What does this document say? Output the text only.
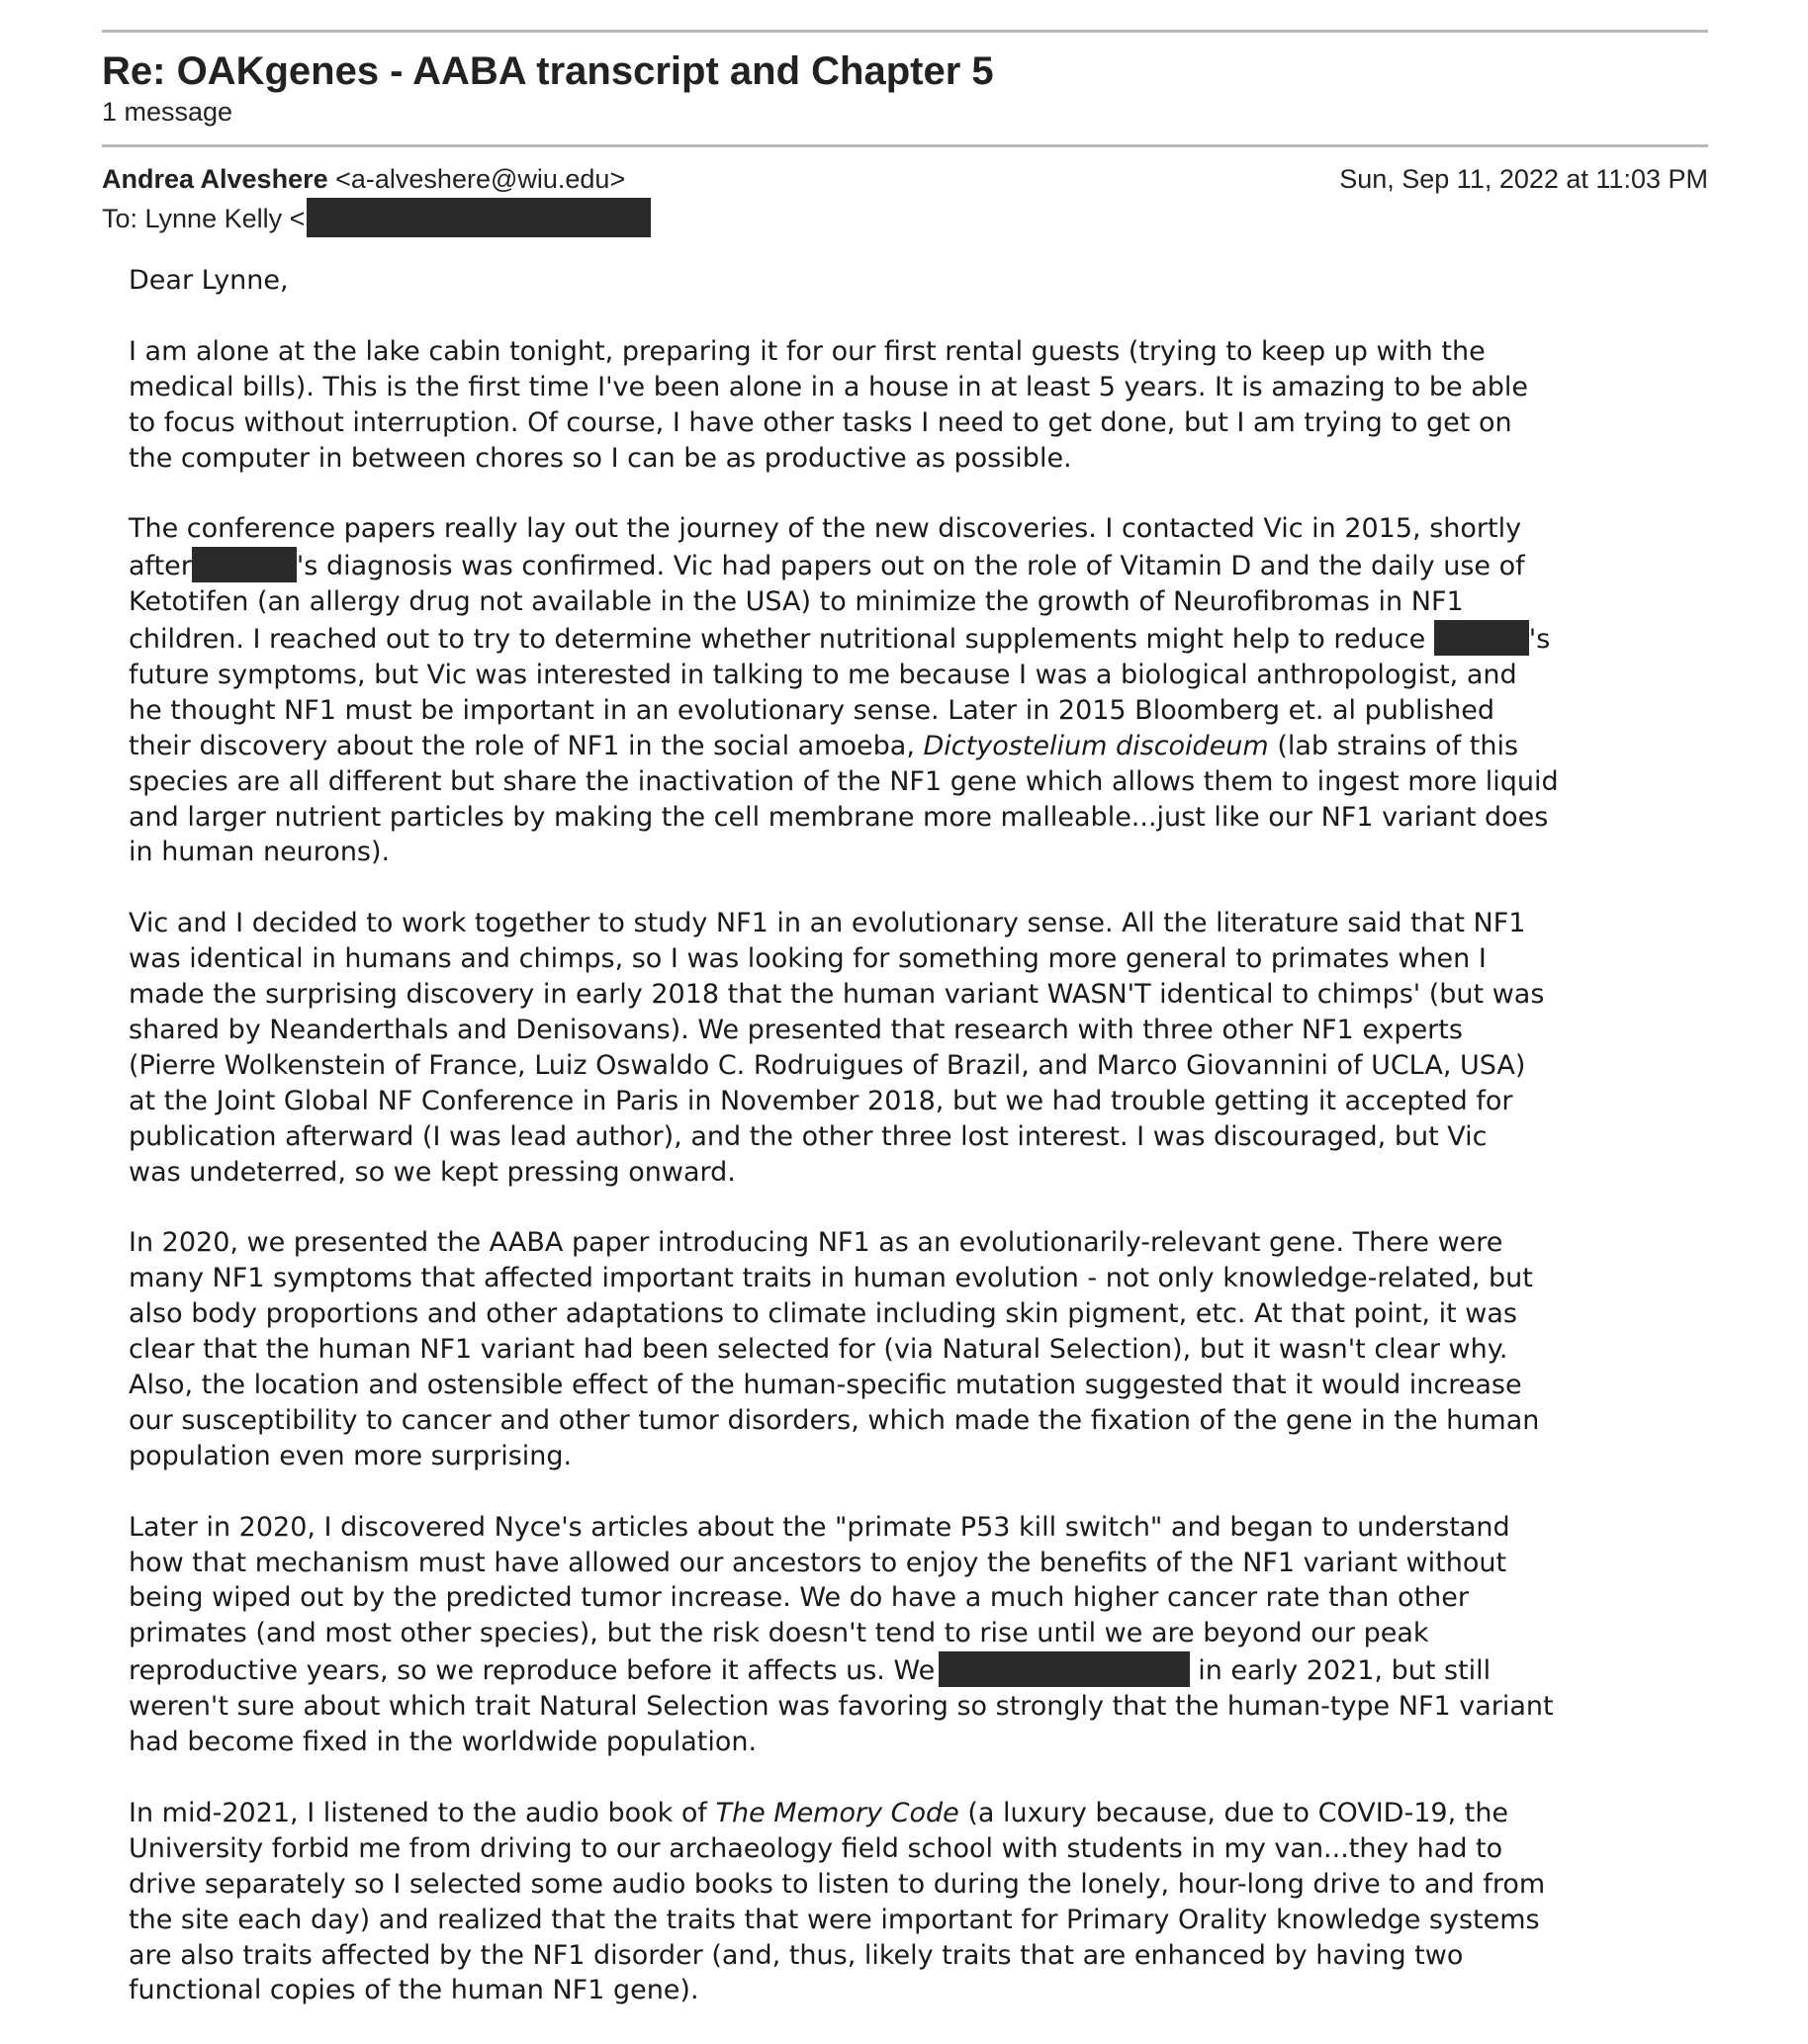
Re: OAKgenes - AABA transcript and Chapter 5
1 message
Andrea Alveshere <a-alveshere@wiu.edu>	Sun, Sep 11, 2022 at 11:03 PM
To: Lynne Kelly <

Dear Lynne,

I am alone at the lake cabin tonight, preparing it for our first rental guests (trying to keep up with the
medical bills). This is the first time I've been alone in a house in at least 5 years. It is amazing to be able
to focus without interruption. Of course, I have other tasks I need to get done, but I am trying to get on
the computer in between chores so I can be as productive as possible.

The conference papers really lay out the journey of the new discoveries. I contacted Vic in 2015, shortly
after	's diagnosis was confirmed. Vic had papers out on the role of Vitamin D and the daily use of
Ketotifen (an allergy drug not available in the USA) to minimize the growth of Neurofibromas in NF1
children. I reached out to try to determine whether nutritional supplements might help to reduce	's
future symptoms, but Vic was interested in talking to me because I was a biological anthropologist, and
he thought NF1 must be important in an evolutionary sense. Later in 2015 Bloomberg et. al published
their discovery about the role of NF1 in the social amoeba, Dictyostelium discoideum (lab strains of this
species are all different but share the inactivation of the NF1 gene which allows them to ingest more liquid
and larger nutrient particles by making the cell membrane more malleable...just like our NF1 variant does
in human neurons).

Vic and I decided to work together to study NF1 in an evolutionary sense. All the literature said that NF1
was identical in humans and chimps, so I was looking for something more general to primates when I
made the surprising discovery in early 2018 that the human variant WASN'T identical to chimps' (but was
shared by Neanderthals and Denisovans). We presented that research with three other NF1 experts
(Pierre Wolkenstein of France, Luiz Oswaldo C. Rodruigues of Brazil, and Marco Giovannini of UCLA, USA)
at the Joint Global NF Conference in Paris in November 2018, but we had trouble getting it accepted for
publication afterward (I was lead author), and the other three lost interest. I was discouraged, but Vic
was undeterred, so we kept pressing onward.

In 2020, we presented the AABA paper introducing NF1 as an evolutionarily-relevant gene. There were
many NF1 symptoms that affected important traits in human evolution - not only knowledge-related, but
also body proportions and other adaptations to climate including skin pigment, etc. At that point, it was
clear that the human NF1 variant had been selected for (via Natural Selection), but it wasn't clear why.
Also, the location and ostensible effect of the human-specific mutation suggested that it would increase
our susceptibility to cancer and other tumor disorders, which made the fixation of the gene in the human
population even more surprising.

Later in 2020, I discovered Nyce's articles about the "primate P53 kill switch" and began to understand
how that mechanism must have allowed our ancestors to enjoy the benefits of the NF1 variant without
being wiped out by the predicted tumor increase. We do have a much higher cancer rate than other
primates (and most other species), but the risk doesn't tend to rise until we are beyond our peak
reproductive years, so we reproduce before it affects us. We	in early 2021, but still
weren't sure about which trait Natural Selection was favoring so strongly that the human-type NF1 variant
had become fixed in the worldwide population.

In mid-2021, I listened to the audio book of The Memory Code (a luxury because, due to COVID-19, the
University forbid me from driving to our archaeology field school with students in my van...they had to
drive separately so I selected some audio books to listen to during the lonely, hour-long drive to and from
the site each day) and realized that the traits that were important for Primary Orality knowledge systems
are also traits affected by the NF1 disorder (and, thus, likely traits that are enhanced by having two
functional copies of the human NF1 gene).
